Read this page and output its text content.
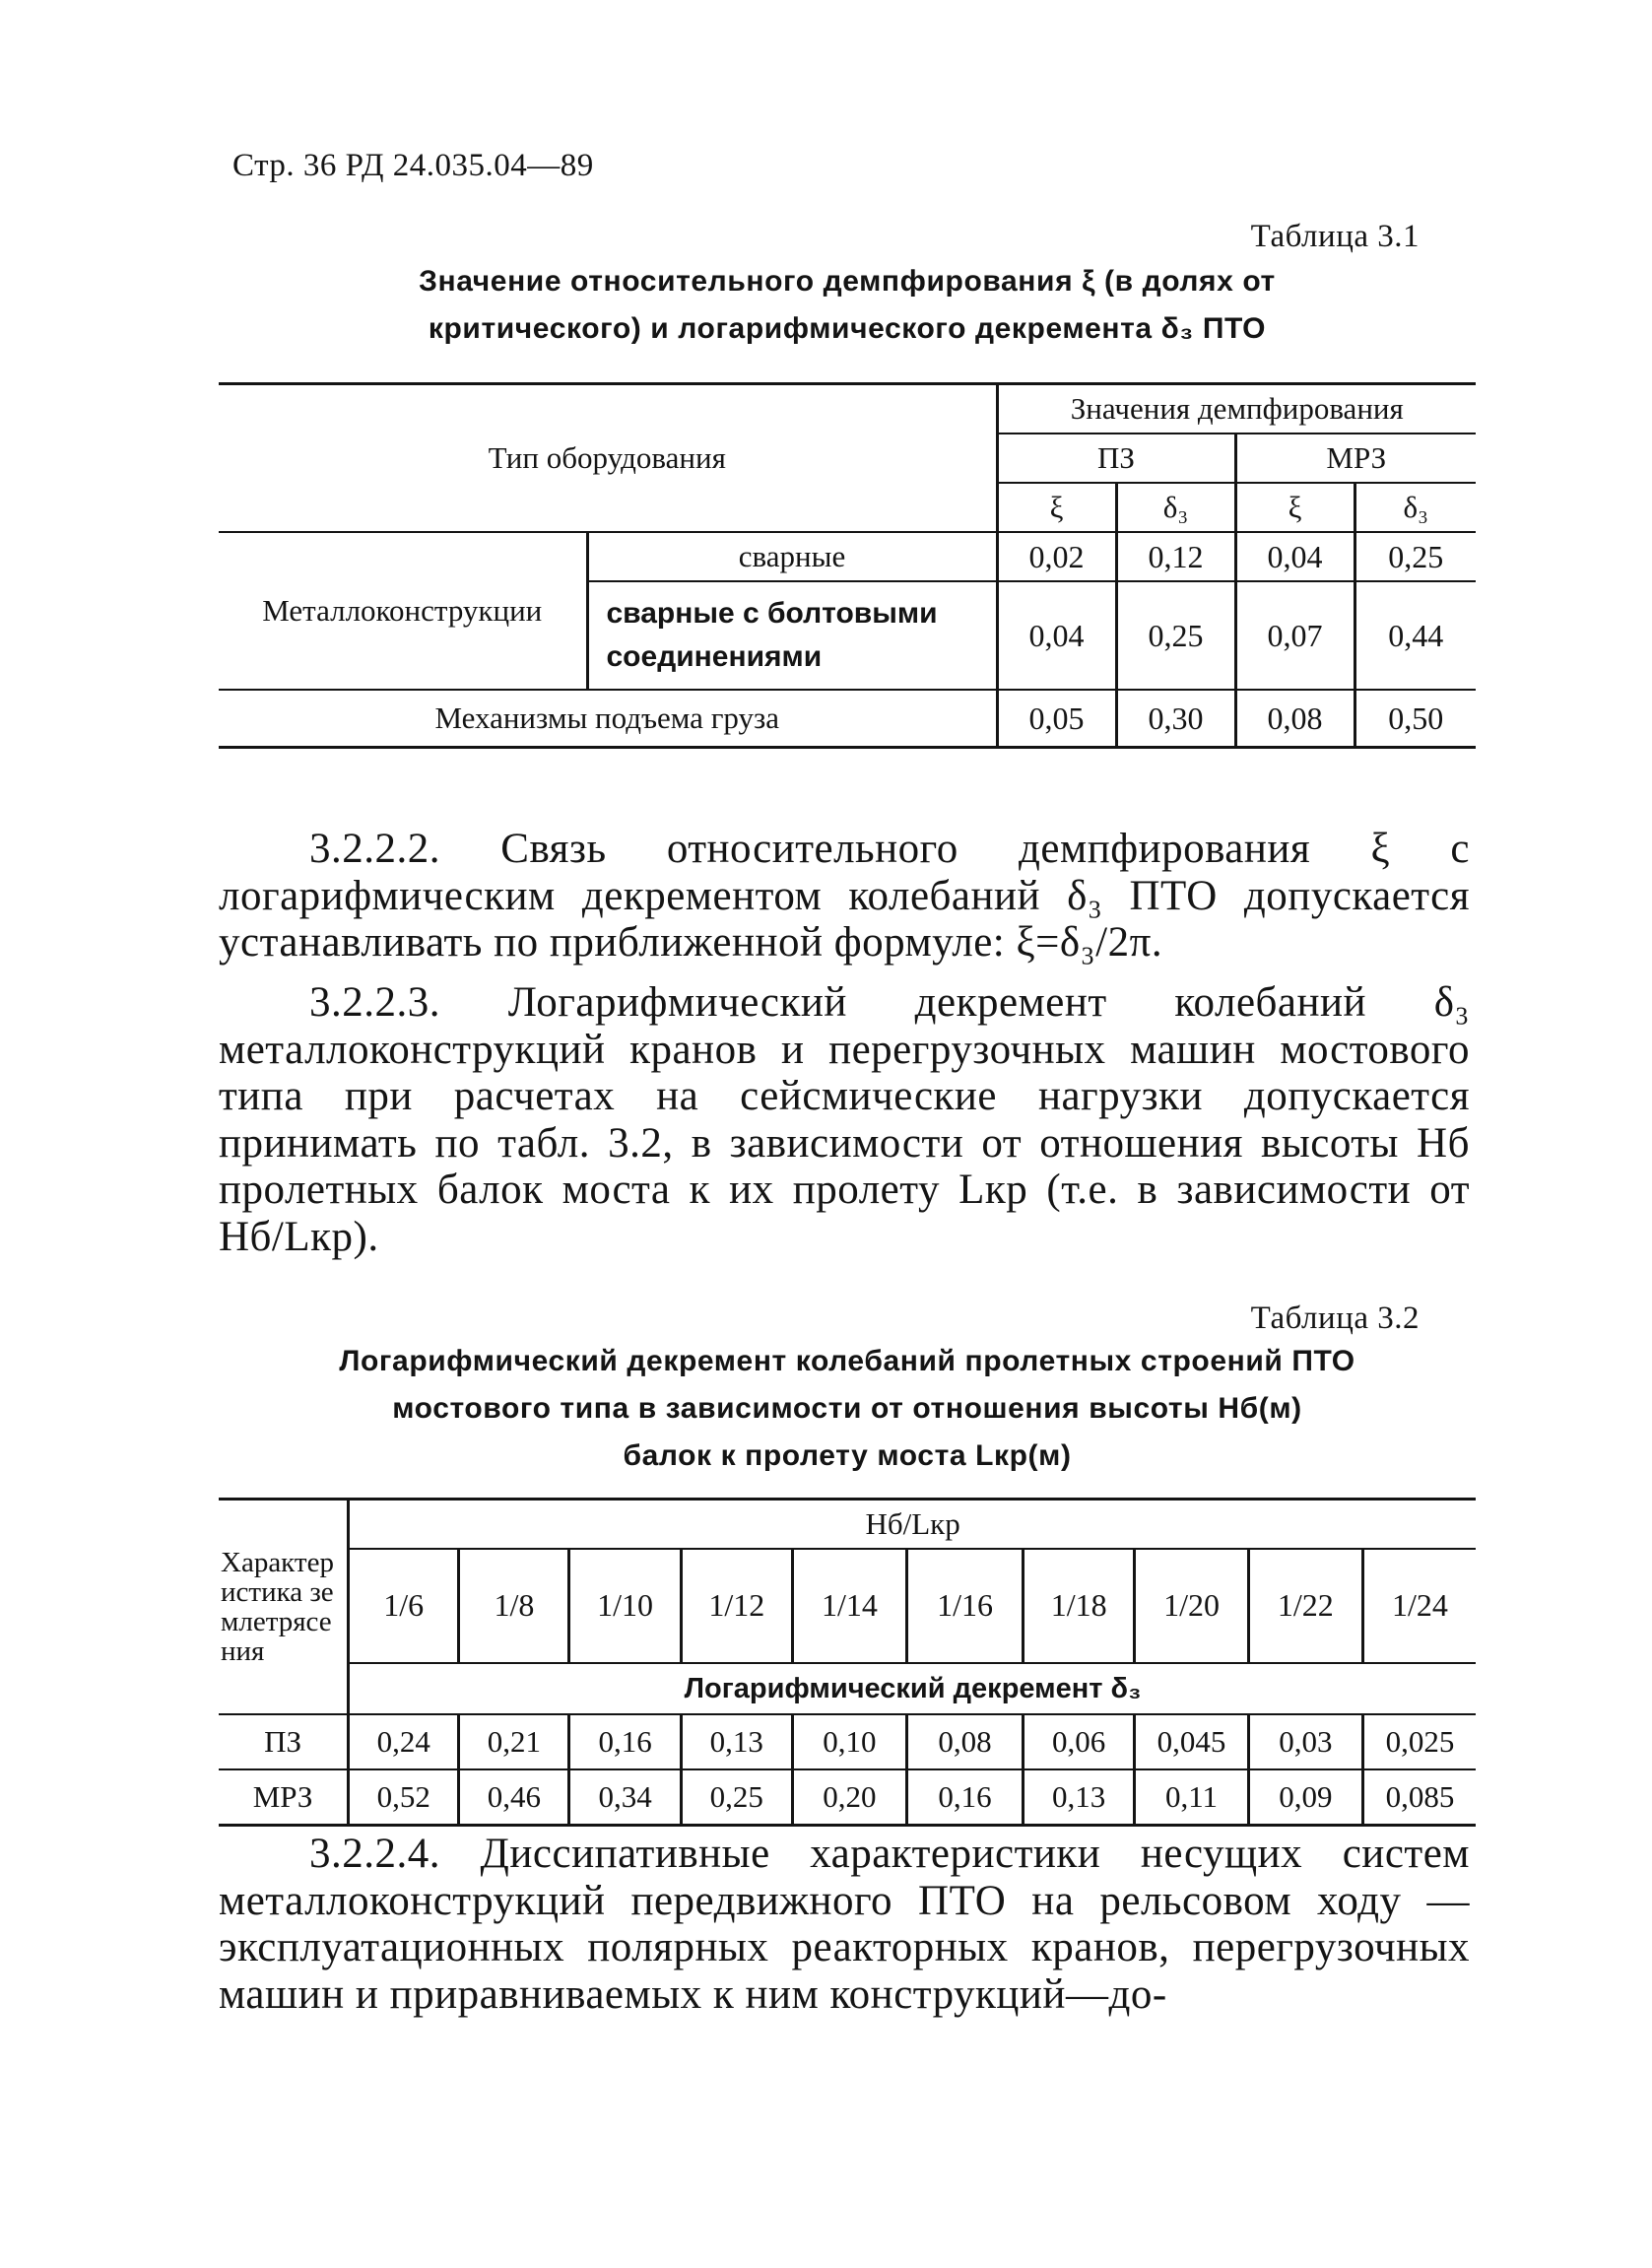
Стр. 36 РД 24.035.04—89
Таблица 3.1
Значение относительного демпфирования ξ (в долях от
критического) и логарифмического декремента δ₃ ПТО
Тип оборудования		Значения демпфирования			
		ПЗ		МРЗ	
		ξ	δ₃	ξ	δ₃
Металлоконструкции	сварные	0,02	0,12	0,04	0,25
	сварные с болтовыми соединениями	0,04	0,25	0,07	0,44
Механизмы подъема груза		0,05	0,30	0,08	0,50
3.2.2.2. Связь относительного демпфирования ξ с логарифмическим декрементом колебаний δ₃ ПТО допускается устанавливать по приближенной формуле: ξ=δ₃/2π.
3.2.2.3. Логарифмический декремент колебаний δ₃ металлоконструкций кранов и перегрузочных машин мостового типа при расчетах на сейсмические нагрузки допускается принимать по табл. 3.2, в зависимости от отношения высоты Hб пролетных балок моста к их пролету Lкр (т.е. в зависимости от Hб/Lкр).
Таблица 3.2
Логарифмический декремент колебаний пролетных строений ПТО
мостового типа в зависимости от отношения высоты Hб(м)
балок к пролету моста Lкр(м)
Характеристика землетрясения	Hб/Lкр									
	1/6	1/8	1/10	1/12	1/14	1/16	1/18	1/20	1/22	1/24
	Логарифмический декремент δ₃									
ПЗ	0,24	0,21	0,16	0,13	0,10	0,08	0,06	0,045	0,03	0,025
МРЗ	0,52	0,46	0,34	0,25	0,20	0,16	0,13	0,11	0,09	0,085
3.2.2.4. Диссипативные характеристики несущих систем металлоконструкций передвижного ПТО на рельсовом ходу — эксплуатационных полярных реакторных кранов, перегрузочных машин и приравниваемых к ним конструкций—до-
